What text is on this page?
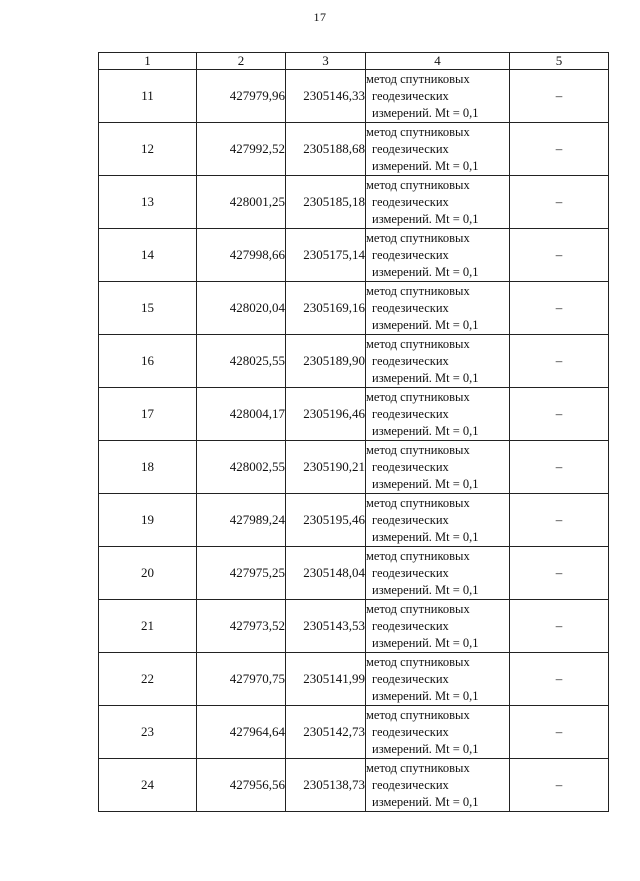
17
1	2	3	4	5
11	427979,96	2305146,33	метод спутниковых
геодезических
измерений. Mt = 0,1	–
12	427992,52	2305188,68	метод спутниковых
геодезических
измерений. Mt = 0,1	–
13	428001,25	2305185,18	метод спутниковых
геодезических
измерений. Mt = 0,1	–
14	427998,66	2305175,14	метод спутниковых
геодезических
измерений. Mt = 0,1	–
15	428020,04	2305169,16	метод спутниковых
геодезических
измерений. Mt = 0,1	–
16	428025,55	2305189,90	метод спутниковых
геодезических
измерений. Mt = 0,1	–
17	428004,17	2305196,46	метод спутниковых
геодезических
измерений. Mt = 0,1	–
18	428002,55	2305190,21	метод спутниковых
геодезических
измерений. Mt = 0,1	–
19	427989,24	2305195,46	метод спутниковых
геодезических
измерений. Mt = 0,1	–
20	427975,25	2305148,04	метод спутниковых
геодезических
измерений. Mt = 0,1	–
21	427973,52	2305143,53	метод спутниковых
геодезических
измерений. Mt = 0,1	–
22	427970,75	2305141,99	метод спутниковых
геодезических
измерений. Mt = 0,1	–
23	427964,64	2305142,73	метод спутниковых
геодезических
измерений. Mt = 0,1	–
24	427956,56	2305138,73	метод спутниковых
геодезических
измерений. Mt = 0,1	–
